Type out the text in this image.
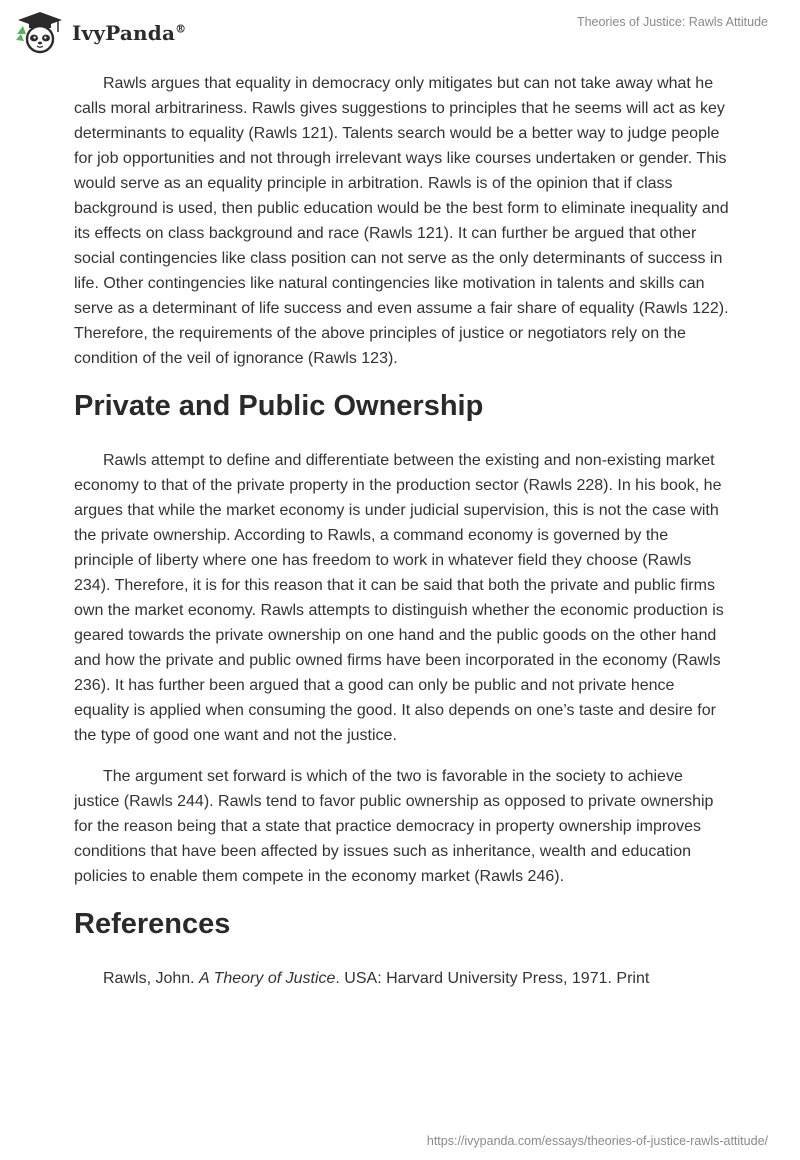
IvyPanda®	Theories of Justice: Rawls Attitude

Rawls argues that equality in democracy only mitigates but can not take away what he calls moral arbitrariness. Rawls gives suggestions to principles that he seems will act as key determinants to equality (Rawls 121). Talents search would be a better way to judge people for job opportunities and not through irrelevant ways like courses undertaken or gender. This would serve as an equality principle in arbitration. Rawls is of the opinion that if class background is used, then public education would be the best form to eliminate inequality and its effects on class background and race (Rawls 121). It can further be argued that other social contingencies like class position can not serve as the only determinants of success in life. Other contingencies like natural contingencies like motivation in talents and skills can serve as a determinant of life success and even assume a fair share of equality (Rawls 122). Therefore, the requirements of the above principles of justice or negotiators rely on the condition of the veil of ignorance (Rawls 123).

Private and Public Ownership

Rawls attempt to define and differentiate between the existing and non-existing market economy to that of the private property in the production sector (Rawls 228). In his book, he argues that while the market economy is under judicial supervision, this is not the case with the private ownership. According to Rawls, a command economy is governed by the principle of liberty where one has freedom to work in whatever field they choose (Rawls 234). Therefore, it is for this reason that it can be said that both the private and public firms own the market economy. Rawls attempts to distinguish whether the economic production is geared towards the private ownership on one hand and the public goods on the other hand and how the private and public owned firms have been incorporated in the economy (Rawls 236). It has further been argued that a good can only be public and not private hence equality is applied when consuming the good. It also depends on one’s taste and desire for the type of good one want and not the justice.

The argument set forward is which of the two is favorable in the society to achieve justice (Rawls 244). Rawls tend to favor public ownership as opposed to private ownership for the reason being that a state that practice democracy in property ownership improves conditions that have been affected by issues such as inheritance, wealth and education policies to enable them compete in the economy market (Rawls 246).

References

Rawls, John. A Theory of Justice. USA: Harvard University Press, 1971. Print

https://ivypanda.com/essays/theories-of-justice-rawls-attitude/
